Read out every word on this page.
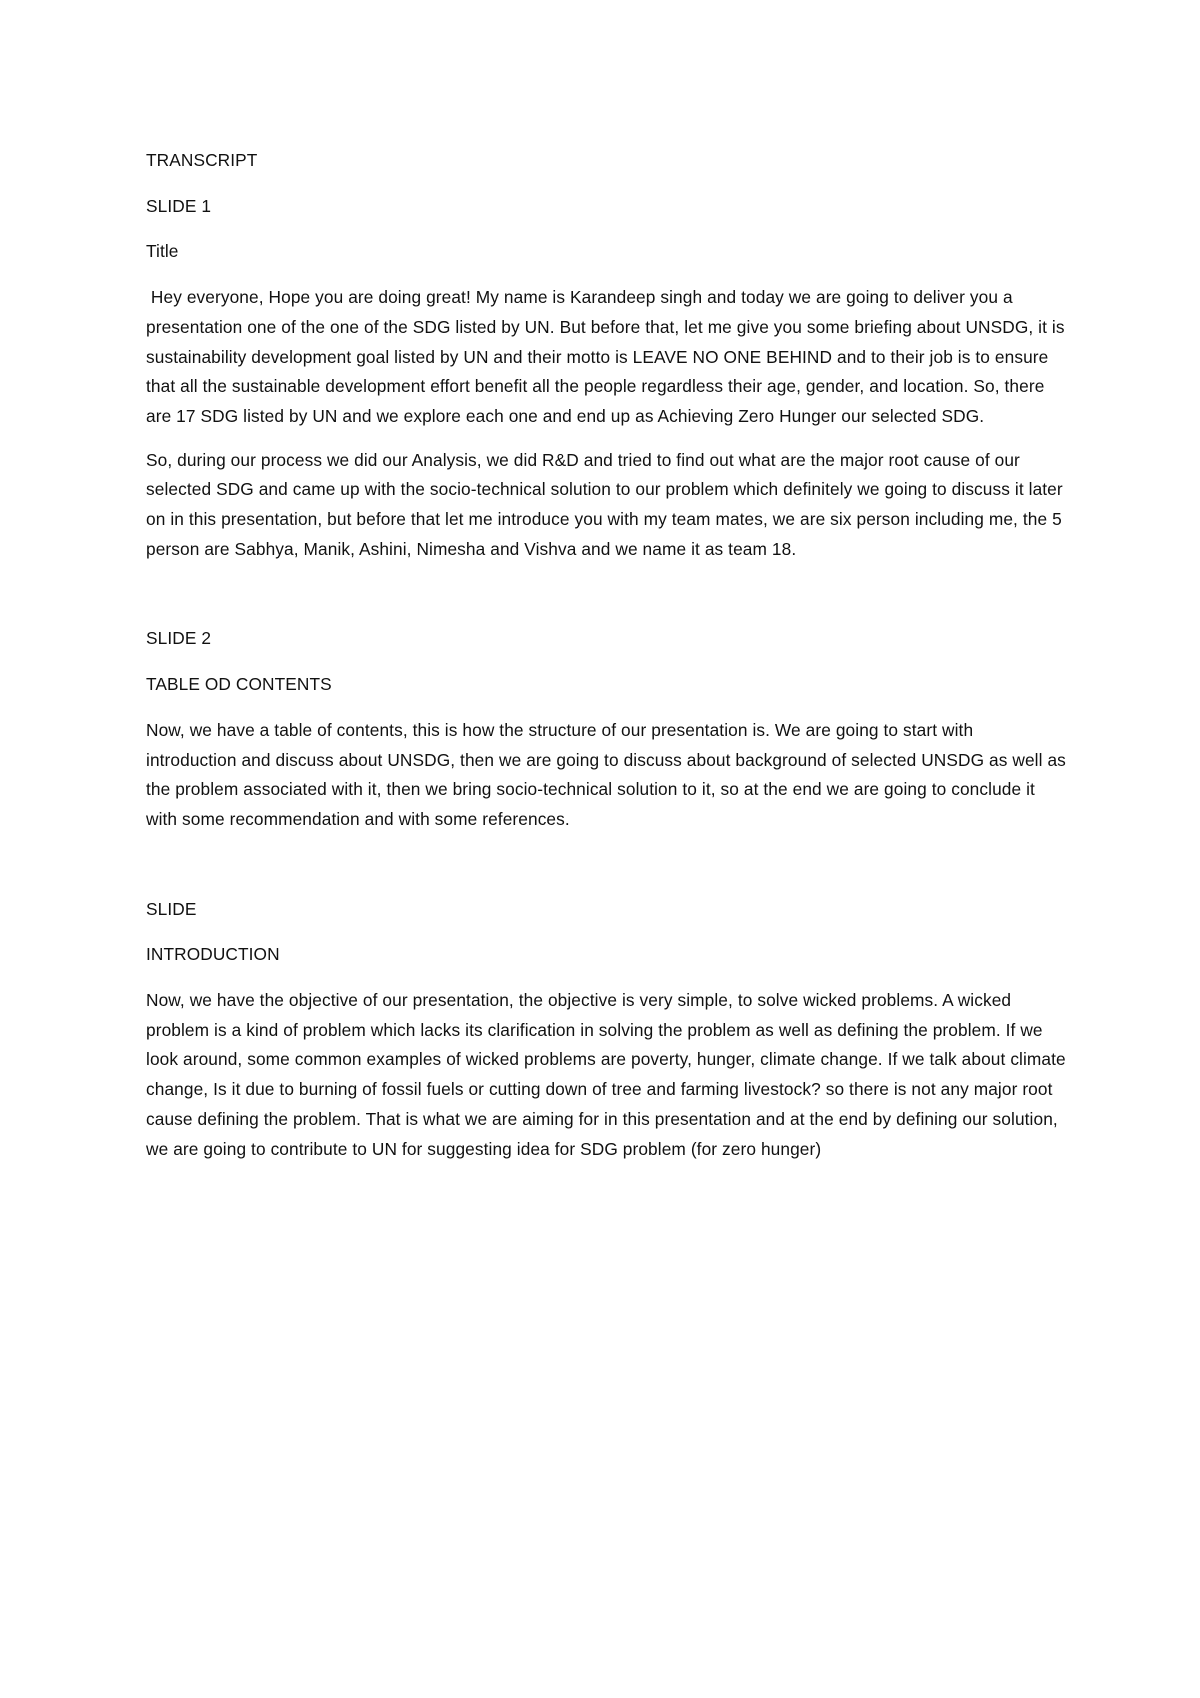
TRANSCRIPT

SLIDE 1

Title

Hey everyone, Hope you are doing great! My name is Karandeep singh and today we are going to deliver you a presentation one of the one of the SDG listed by UN. But before that, let me give you some briefing about UNSDG, it is sustainability development goal listed by UN and their motto is LEAVE NO ONE BEHIND and to their job is to ensure that all the sustainable development effort benefit all the people regardless their age, gender, and location. So, there are 17 SDG listed by UN and we explore each one and end up as Achieving Zero Hunger our selected SDG.

So, during our process we did our Analysis, we did R&D and tried to find out what are the major root cause of our selected SDG and came up with the socio-technical solution to our problem which definitely we going to discuss it later on in this presentation, but before that let me introduce you with my team mates, we are six person including me, the 5 person are Sabhya, Manik, Ashini, Nimesha and Vishva and we name it as team 18.

SLIDE 2

TABLE OD CONTENTS

Now, we have a table of contents, this is how the structure of our presentation is. We are going to start with introduction and discuss about UNSDG, then we are going to discuss about background of selected UNSDG as well as the problem associated with it, then we bring socio-technical solution to it, so at the end we are going to conclude it with some recommendation and with some references.

SLIDE

INTRODUCTION

Now, we have the objective of our presentation, the objective is very simple, to solve wicked problems. A wicked problem is a kind of problem which lacks its clarification in solving the problem as well as defining the problem. If we look around, some common examples of wicked problems are poverty, hunger, climate change. If we talk about climate change, Is it due to burning of fossil fuels or cutting down of tree and farming livestock? so there is not any major root cause defining the problem. That is what we are aiming for in this presentation and at the end by defining our solution, we are going to contribute to UN for suggesting idea for SDG problem (for zero hunger)
